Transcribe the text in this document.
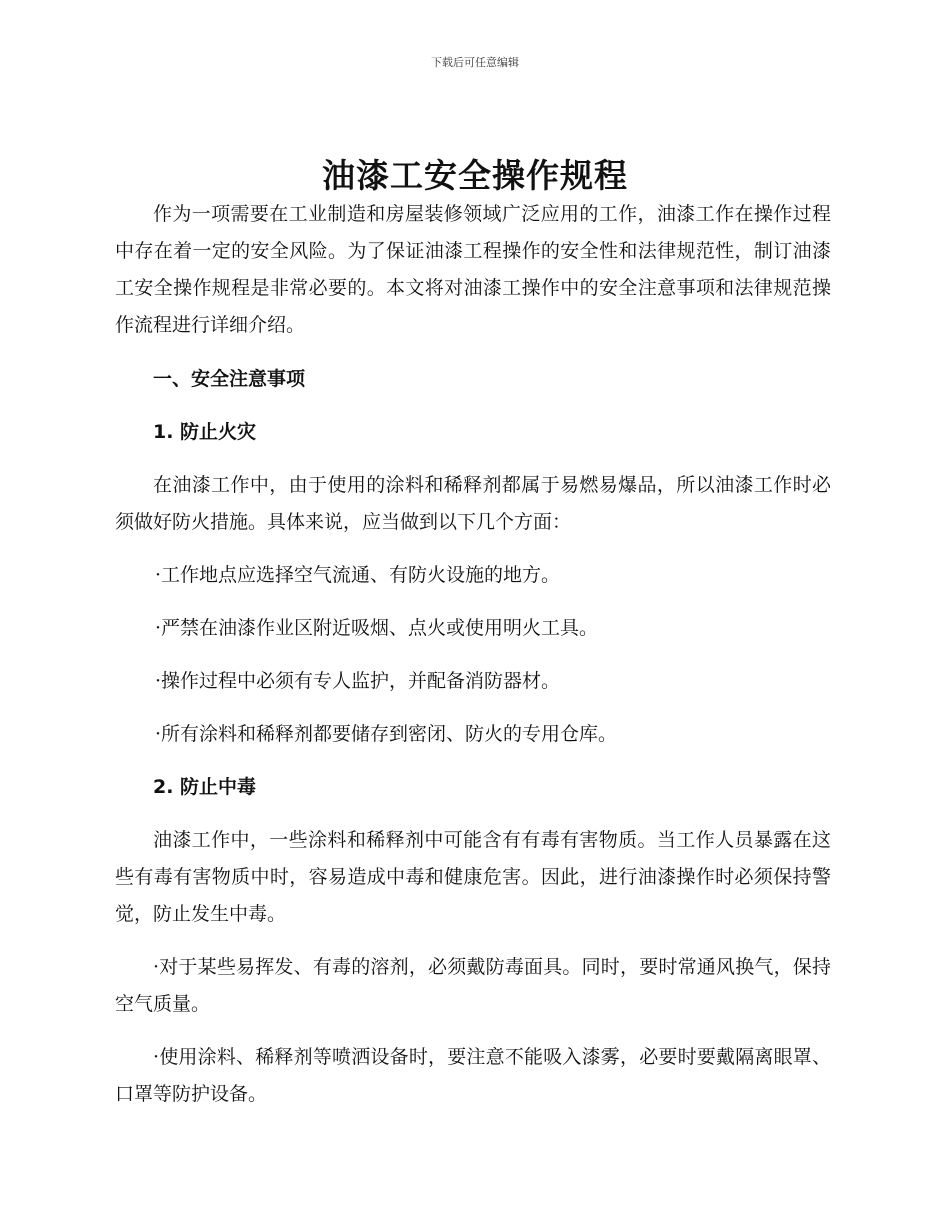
下载后可任意编辑
油漆工安全操作规程

作为一项需要在工业制造和房屋装修领域广泛应用的工作，油漆工作在操作过程中存在着一定的安全风险。为了保证油漆工程操作的安全性和法律规范性，制订油漆工安全操作规程是非常必要的。本文将对油漆工操作中的安全注意事项和法律规范操作流程进行详细介绍。

一、安全注意事项

1. 防止火灾

在油漆工作中，由于使用的涂料和稀释剂都属于易燃易爆品，所以油漆工作时必须做好防火措施。具体来说，应当做到以下几个方面：

·工作地点应选择空气流通、有防火设施的地方。

·严禁在油漆作业区附近吸烟、点火或使用明火工具。

·操作过程中必须有专人监护，并配备消防器材。

·所有涂料和稀释剂都要储存到密闭、防火的专用仓库。

2. 防止中毒

油漆工作中，一些涂料和稀释剂中可能含有有毒有害物质。当工作人员暴露在这些有毒有害物质中时，容易造成中毒和健康危害。因此，进行油漆操作时必须保持警觉，防止发生中毒。

·对于某些易挥发、有毒的溶剂，必须戴防毒面具。同时，要时常通风换气，保持空气质量。

·使用涂料、稀释剂等喷洒设备时，要注意不能吸入漆雾，必要时要戴隔离眼罩、口罩等防护设备。
